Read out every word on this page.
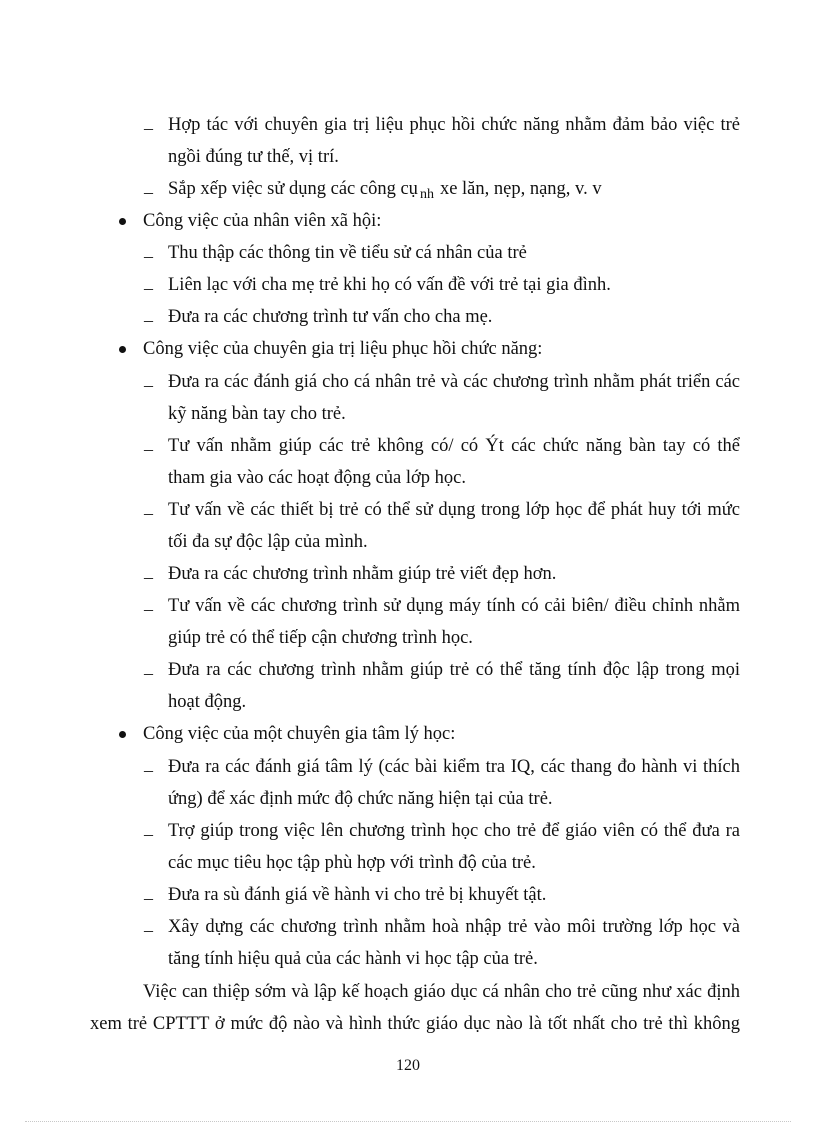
– Hợp tác với chuyên gia trị liệu phục hồi chức năng nhằm đảm bảo việc trẻ
ngồi đúng tư thế, vị trí.
– Sắp xếp việc sử dụng các công cụ nh xe lăn, nẹp, nạng, v. v
Công việc của nhân viên xã hội:
– Thu thập các thông tin về tiểu sử cá nhân của trẻ
– Liên lạc với cha mẹ trẻ khi họ có vấn đề với trẻ tại gia đình.
– Đưa ra các chương trình tư vấn cho cha mẹ.
Công việc của chuyên gia trị liệu phục hồi chức năng:
– Đưa ra các đánh giá cho cá nhân trẻ và các chương trình nhằm phát triển các
kỹ năng bàn tay cho trẻ.
– Tư vấn nhằm giúp các trẻ không có/ có Ýt các chức năng bàn tay có thể
tham gia vào các hoạt động của lớp học.
– Tư vấn về các thiết bị trẻ có thể sử dụng trong lớp học để phát huy tới mức
tối đa sự độc lập của mình.
– Đưa ra các chương trình nhằm giúp trẻ viết đẹp hơn.
– Tư vấn về các chương trình sử dụng máy tính có cải biên/ điều chỉnh nhằm
giúp trẻ có thể tiếp cận chương trình học.
– Đưa ra các chương trình nhằm giúp trẻ có thể tăng tính độc lập trong mọi
hoạt động.
Công việc của một chuyên gia tâm lý học:
– Đưa ra các đánh giá tâm lý (các bài kiểm tra IQ, các thang đo hành vi thích
ứng) để xác định mức độ chức năng hiện tại của trẻ.
– Trợ giúp trong việc lên chương trình học cho trẻ để giáo viên có thể đưa ra
các mục tiêu học tập phù hợp với trình độ của trẻ.
– Đưa ra sù đánh giá về hành vi cho trẻ bị khuyết tật.
– Xây dựng các chương trình nhằm hoà nhập trẻ vào môi trường lớp học và
tăng tính hiệu quả của các hành vi học tập của trẻ.
Việc can thiệp sớm và lập kế hoạch giáo dục cá nhân cho trẻ cũng như xác định
xem trẻ CPTTT ở mức độ nào và hình thức giáo dục nào là tốt nhất cho trẻ thì không
120
